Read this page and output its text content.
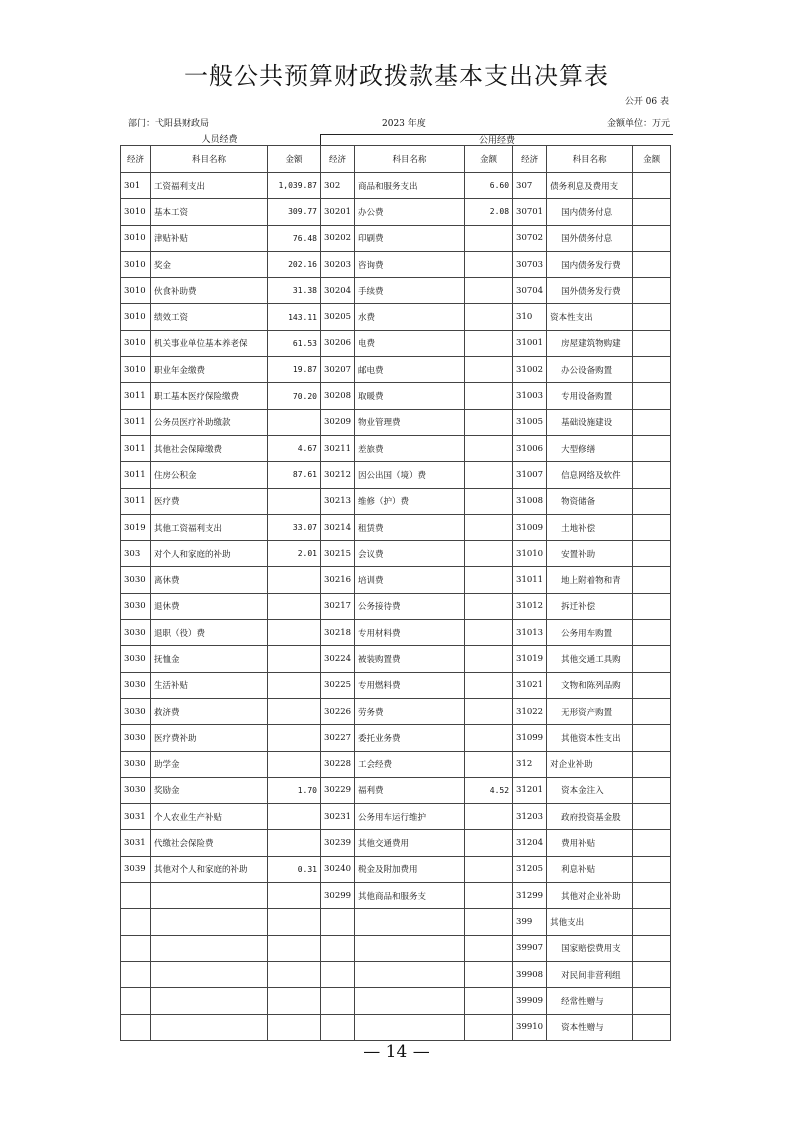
一般公共预算财政拨款基本支出决算表
公开 06 表
部门：弋阳县财政局	2023 年度	金额单位：万元
人员经费	公用经费
经济	科目名称	金额	经济	科目名称	金额	经济	科目名称	金额
301	工资福利支出	1,039.87	302	商品和服务支出	6.60	307	债务利息及费用支	
3010	基本工资	309.77	30201	办公费	2.08	30701	国内债务付息	
3010	津贴补贴	76.48	30202	印刷费		30702	国外债务付息	
3010	奖金	202.16	30203	咨询费		30703	国内债务发行费	
3010	伙食补助费	31.38	30204	手续费		30704	国外债务发行费	
3010	绩效工资	143.11	30205	水费		310	资本性支出	
3010	机关事业单位基本养老保	61.53	30206	电费		31001	房屋建筑物购建	
3010	职业年金缴费	19.87	30207	邮电费		31002	办公设备购置	
3011	职工基本医疗保险缴费	70.20	30208	取暖费		31003	专用设备购置	
3011	公务员医疗补助缴款		30209	物业管理费		31005	基础设施建设	
3011	其他社会保障缴费	4.67	30211	差旅费		31006	大型修缮	
3011	住房公积金	87.61	30212	因公出国（境）费		31007	信息网络及软件	
3011	医疗费		30213	维修（护）费		31008	物资储备	
3019	其他工资福利支出	33.07	30214	租赁费		31009	土地补偿	
303	对个人和家庭的补助	2.01	30215	会议费		31010	安置补助	
3030	离休费		30216	培训费		31011	地上附着物和青	
3030	退休费		30217	公务接待费		31012	拆迁补偿	
3030	退职（役）费		30218	专用材料费		31013	公务用车购置	
3030	抚恤金		30224	被装购置费		31019	其他交通工具购	
3030	生活补贴		30225	专用燃料费		31021	文物和陈列品购	
3030	救济费		30226	劳务费		31022	无形资产购置	
3030	医疗费补助		30227	委托业务费		31099	其他资本性支出	
3030	助学金		30228	工会经费		312	对企业补助	
3030	奖励金	1.70	30229	福利费	4.52	31201	资本金注入	
3031	个人农业生产补贴		30231	公务用车运行维护		31203	政府投资基金股	
3031	代缴社会保险费		30239	其他交通费用		31204	费用补贴	
3039	其他对个人和家庭的补助	0.31	30240	税金及附加费用		31205	利息补贴	
			30299	其他商品和服务支		31299	其他对企业补助	
						399	其他支出	
						39907	国家赔偿费用支	
						39908	对民间非营利组	
						39909	经常性赠与	
						39910	资本性赠与	
— 14 —
